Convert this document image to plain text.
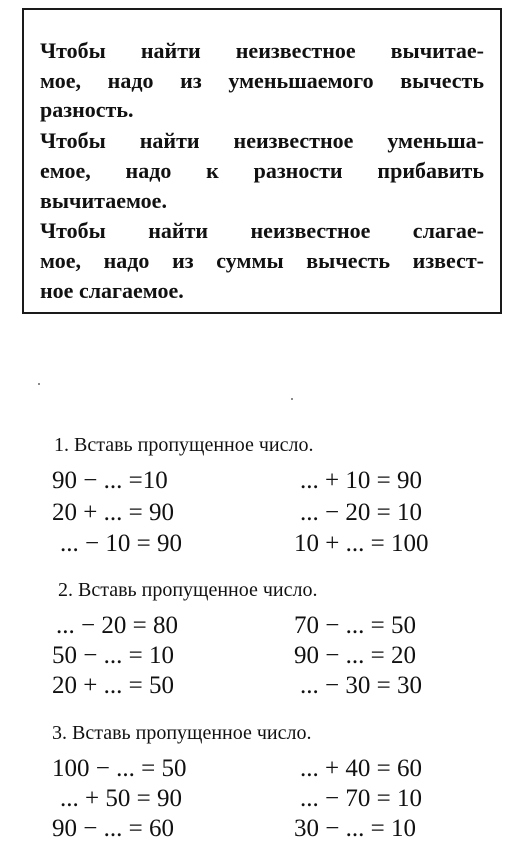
Чтобы найти неизвестное вычитае-
мое, надо из уменьшаемого вычесть
разность.
Чтобы найти неизвестное уменьша-
емое, надо к разности прибавить
вычитаемое.
Чтобы найти неизвестное слагае-
мое, надо из суммы вычесть извест-
ное слагаемое.
1. Вставь пропущенное число.
90 − ... =10
20 + ... = 90
... − 10 = 90
... + 10 = 90
... − 20 = 10
10 + ... = 100
2. Вставь пропущенное число.
... − 20 = 80
50 − ... = 10
20 + ... = 50
70 − ... = 50
90 − ... = 20
... − 30 = 30
3. Вставь пропущенное число.
100 − ... = 50
... + 50 = 90
90 − ... = 60
... + 40 = 60
... − 70 = 10
30 − ... = 10
